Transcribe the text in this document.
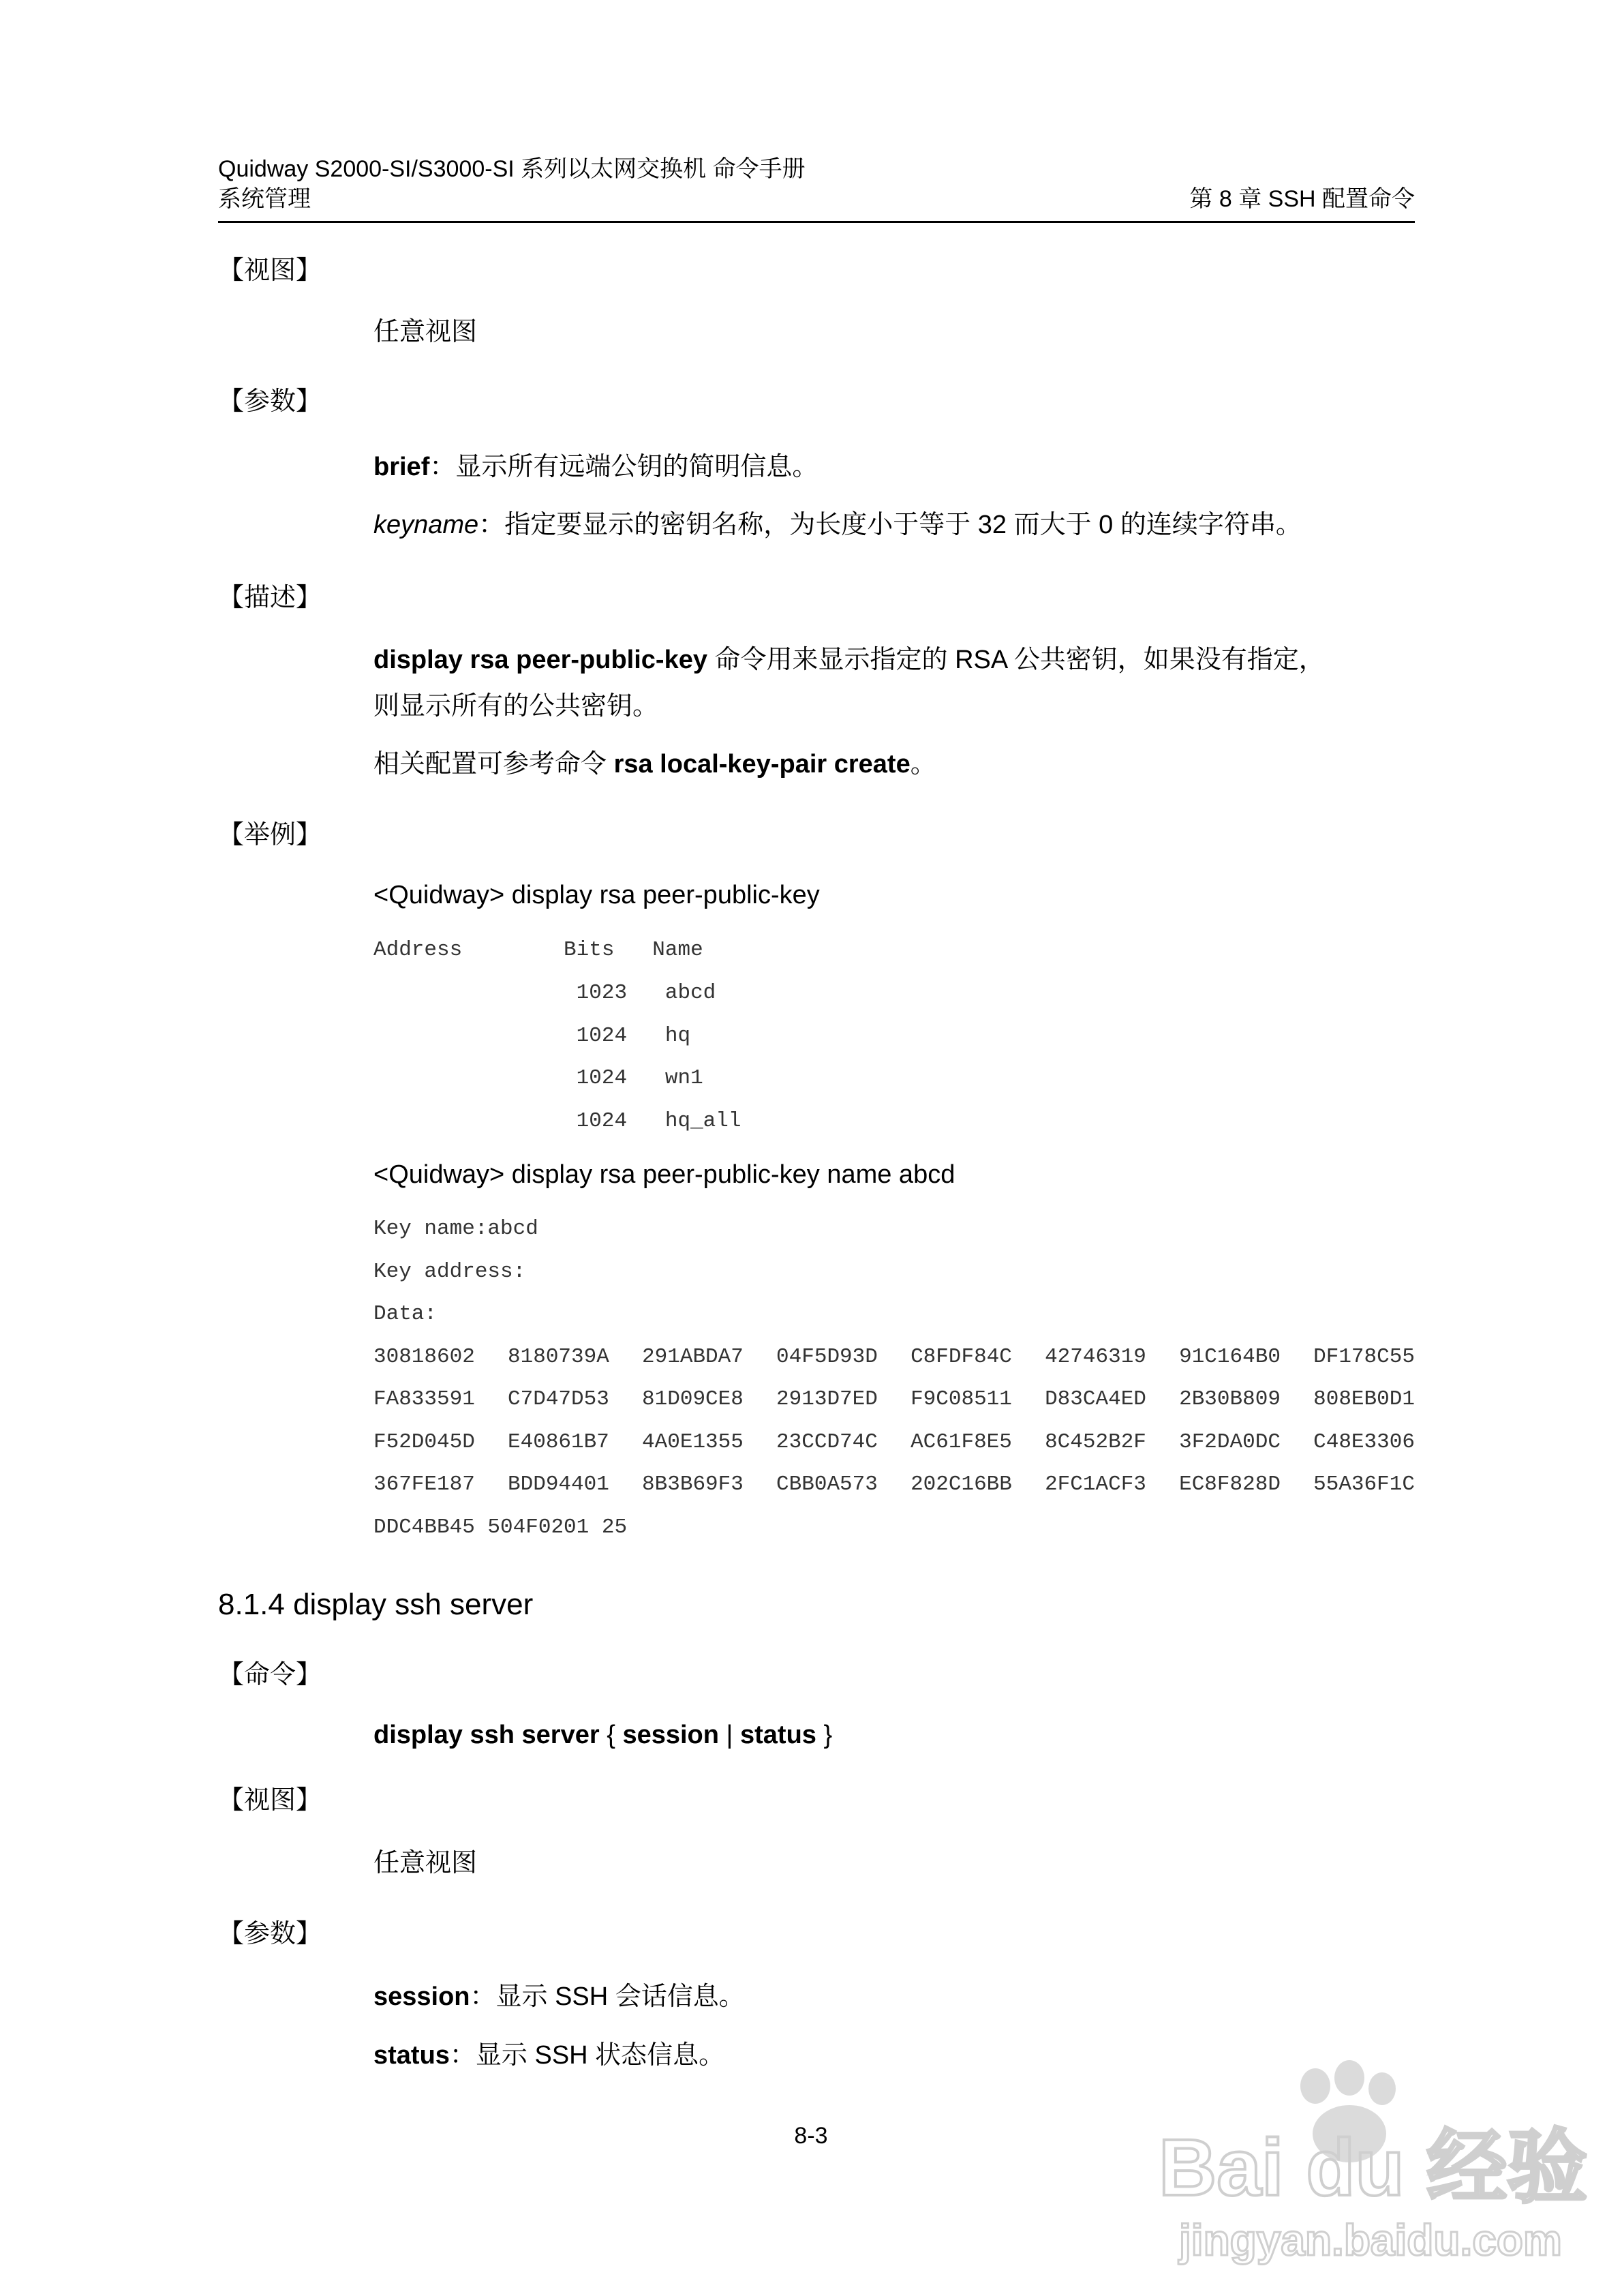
Quidway S2000-SI/S3000-SI 系列以太网交换机 命令手册
系统管理	第 8 章 SSH 配置命令
【视图】
任意视图
【参数】
brief：显示所有远端公钥的简明信息。
keyname：指定要显示的密钥名称，为长度小于等于 32 而大于 0 的连续字符串。
【描述】
display rsa peer-public-key 命令用来显示指定的 RSA 公共密钥，如果没有指定，
则显示所有的公共密钥。
相关配置可参考命令 rsa local-key-pair create。
【举例】
<Quidway> display rsa peer-public-key
Address        Bits   Name
1023   abcd
1024   hq
1024   wn1
1024   hq_all
<Quidway> display rsa peer-public-key name abcd
Key name:abcd
Key address:
Data:
30818602 8180739A 291ABDA7 04F5D93D C8FDF84C 42746319 91C164B0 DF178C55
FA833591 C7D47D53 81D09CE8 2913D7ED F9C08511 D83CA4ED 2B30B809 808EB0D1
F52D045D E40861B7 4A0E1355 23CCD74C AC61F8E5 8C452B2F 3F2DA0DC C48E3306
367FE187 BDD94401 8B3B69F3 CBB0A573 202C16BB 2FC1ACF3 EC8F828D 55A36F1C
DDC4BB45 504F0201 25
8.1.4 display ssh server
【命令】
display ssh server { session | status }
【视图】
任意视图
【参数】
session：显示 SSH 会话信息。
status：显示 SSH 状态信息。
8-3	Bai du 经验
jingyan.baidu.com
